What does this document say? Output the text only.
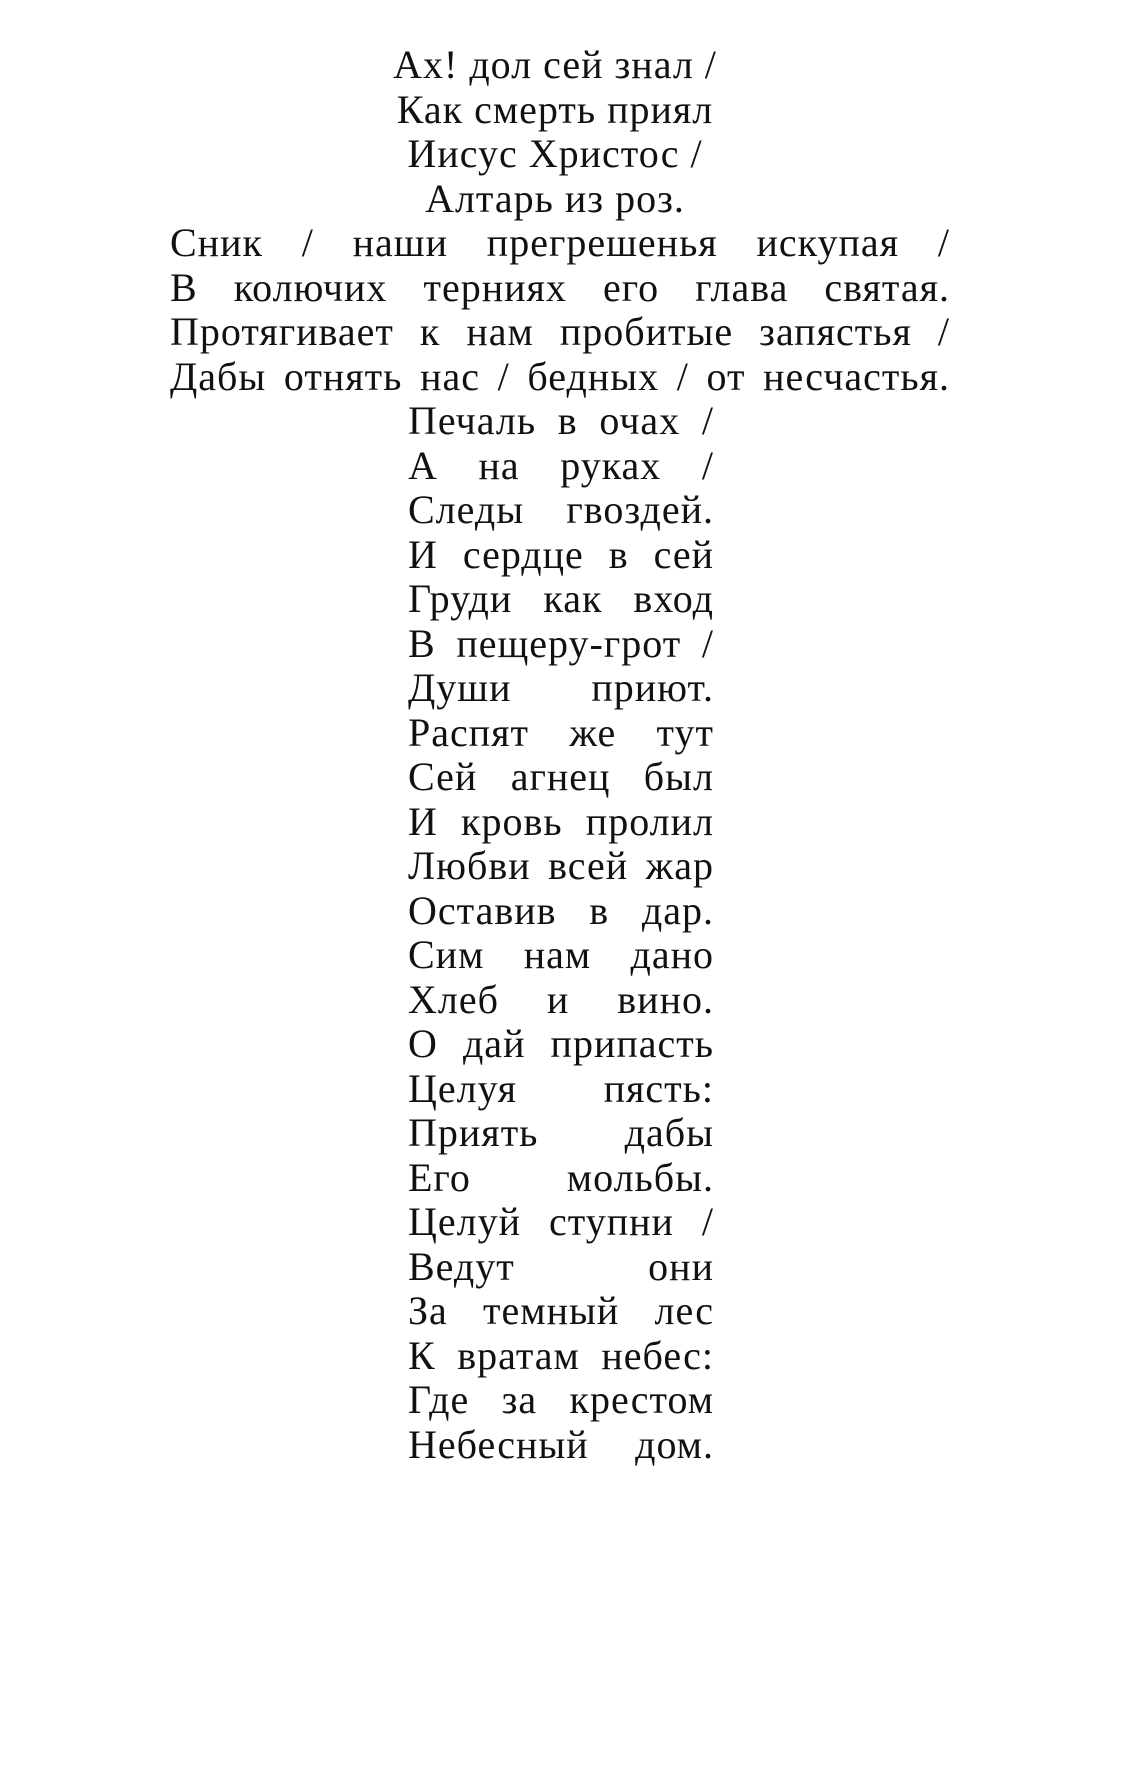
Ах! дол сей знал /
Как смерть приял
Иисус Христос /
Алтарь из роз.
Сник / наши прегрешенья искупая /
В колючих терниях его глава святая.
Протягивает к нам пробитые запястья /
Дабы отнять нас / бедных / от несчастья.
Печаль в очах /
А на руках /
Следы гвоздей.
И сердце в сей
Груди как вход
В пещеру-грот /
Души приют.
Распят же тут
Сей агнец был
И кровь пролил
Любви всей жар
Оставив в дар.
Сим нам дано
Хлеб и вино.
О дай припасть
Целуя пясть:
Приять дабы
Его мольбы.
Целуй ступни /
Ведут они
За темный лес
К вратам небес:
Где за крестом
Небесный дом.
